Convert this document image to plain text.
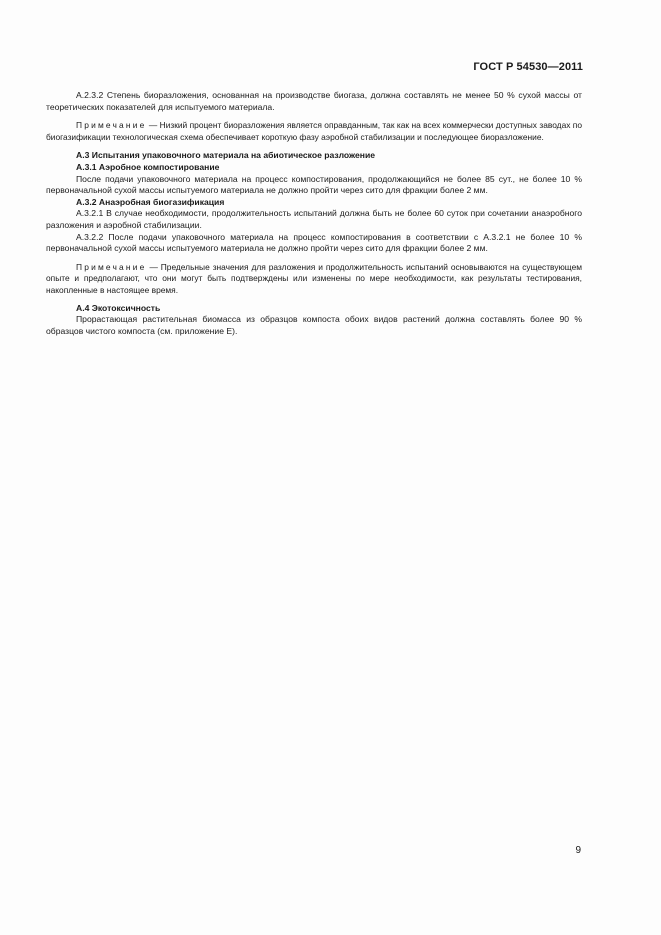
ГОСТ Р 54530—2011

А.2.3.2 Степень биоразложения, основанная на производстве биогаза, должна составлять не менее 50 % сухой массы от теоретических показателей для испытуемого материала.

Примечание — Низкий процент биоразложения является оправданным, так как на всех коммерчески доступных заводах по биогазификации технологическая схема обеспечивает короткую фазу аэробной стабилизации и последующее биоразложение.

А.3 Испытания упаковочного материала на абиотическое разложение

А.3.1 Аэробное компостирование

После подачи упаковочного материала на процесс компостирования, продолжающийся не более 85 сут., не более 10 % первоначальной сухой массы испытуемого материала не должно пройти через сито для фракции более 2 мм.

А.3.2 Анаэробная биогазификация

А.3.2.1 В случае необходимости, продолжительность испытаний должна быть не более 60 суток при сочетании анаэробного разложения и аэробной стабилизации.

А.3.2.2 После подачи упаковочного материала на процесс компостирования в соответствии с А.3.2.1 не более 10 % первоначальной сухой массы испытуемого материала не должно пройти через сито для фракции более 2 мм.

Примечание — Предельные значения для разложения и продолжительность испытаний основываются на существующем опыте и предполагают, что они могут быть подтверждены или изменены по мере необходимости, как результаты тестирования, накопленные в настоящее время.

А.4 Экотоксичность

Прорастающая растительная биомасса из образцов компоста обоих видов растений должна составлять более 90 % образцов чистого компоста (см. приложение Е).

9
